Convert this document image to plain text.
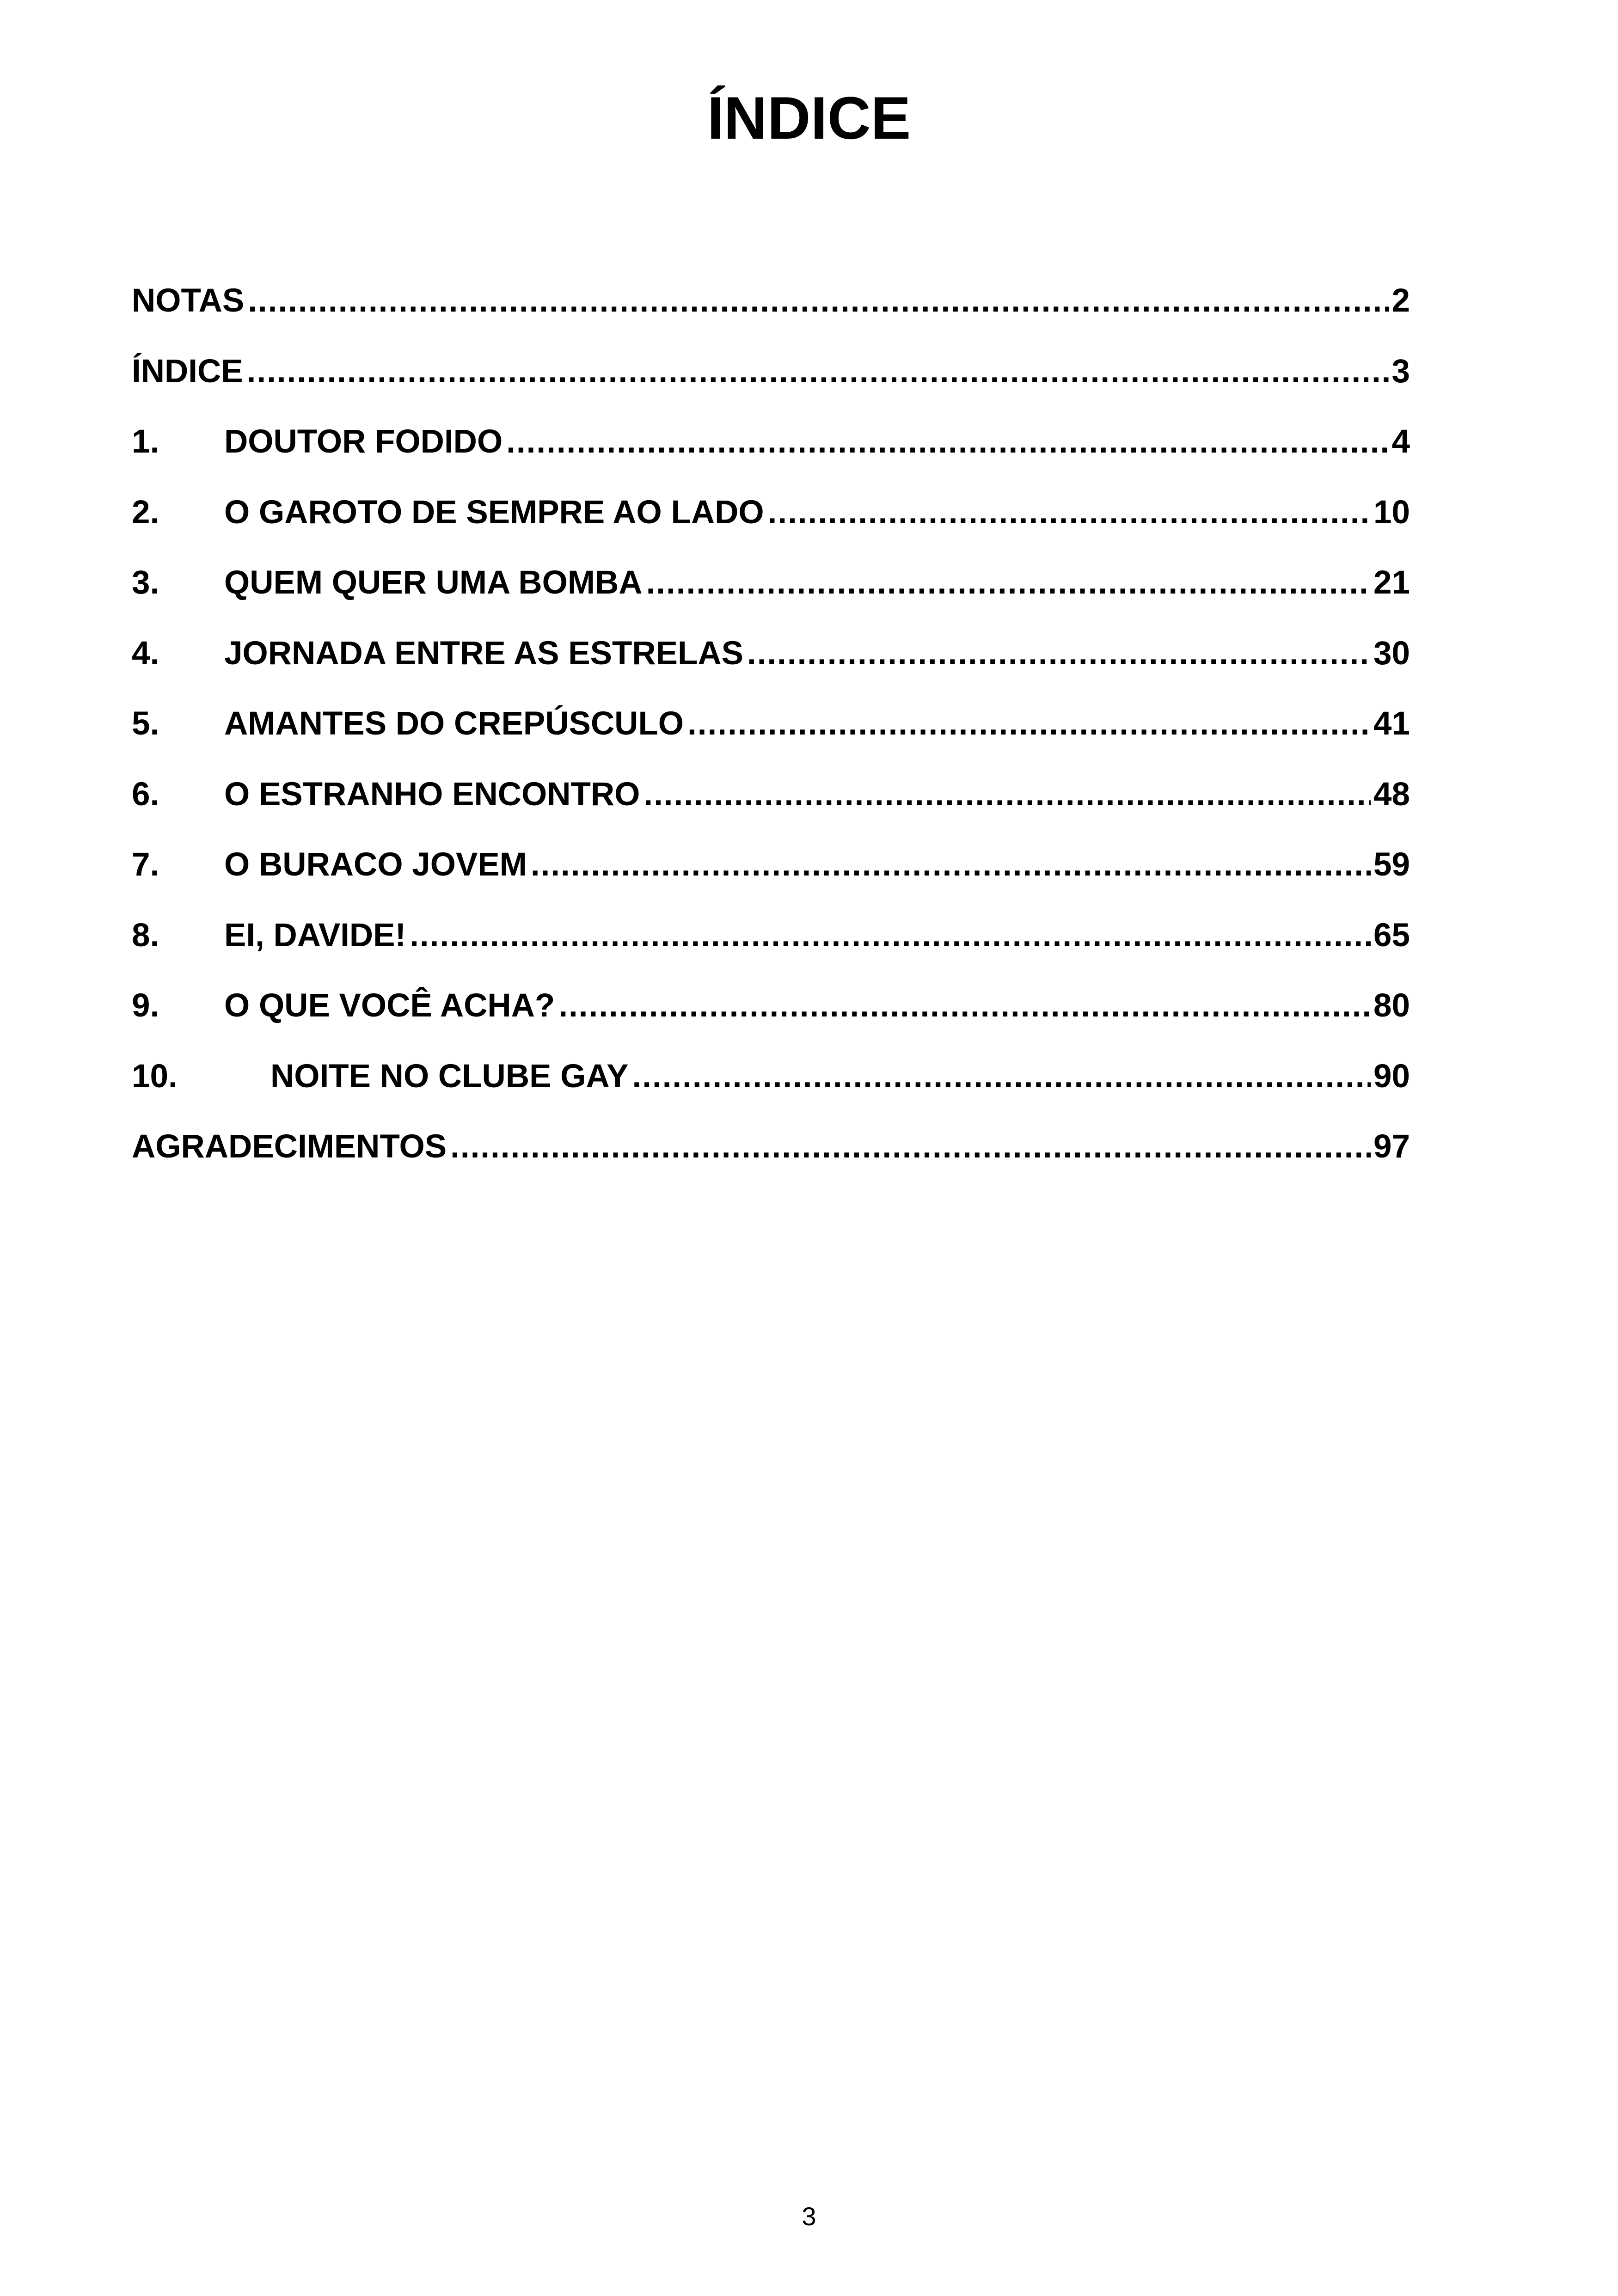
ÍNDICE
NOTAS .....	2
ÍNDICE .....	3
1.	DOUTOR FODIDO .....	4
2.	O GAROTO DE SEMPRE AO LADO .....	10
3.	QUEM QUER UMA BOMBA .....	21
4.	JORNADA ENTRE AS ESTRELAS .....	30
5.	AMANTES DO CREPÚSCULO .....	41
6.	O ESTRANHO ENCONTRO .....	48
7.	O BURACO JOVEM .....	59
8.	EI, DAVIDE! .....	65
9.	O QUE VOCÊ ACHA? .....	80
10.	NOITE NO CLUBE GAY .....	90
AGRADECIMENTOS .....	97
3
